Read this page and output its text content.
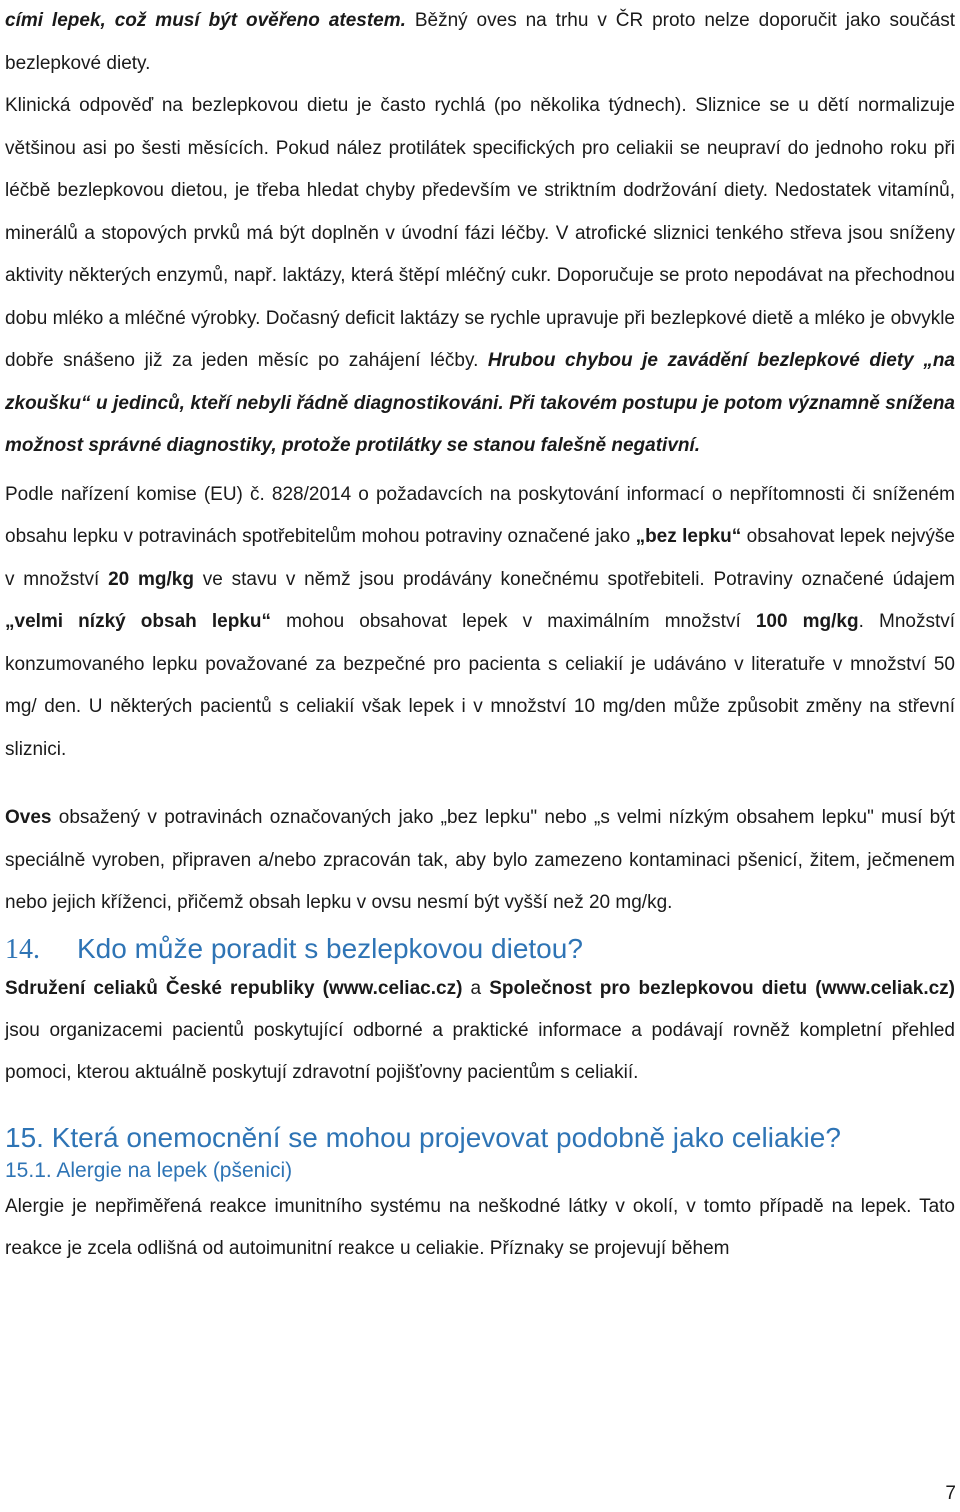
cími lepek, což musí být ověřeno atestem. Běžný oves na trhu v ČR proto nelze doporučit jako součást bezlepkové diety.

Klinická odpověď na bezlepkovou dietu je často rychlá (po několika týdnech). Sliznice se u dětí normalizuje většinou asi po šesti měsících. Pokud nález protilátek specifických pro celiakii se neupraví do jednoho roku při léčbě bezlepkovou dietou, je třeba hledat chyby především ve striktním dodržování diety. Nedostatek vitamínů, minerálů a stopových prvků má být doplněn v úvodní fázi léčby. V atrofické sliznici tenkého střeva jsou sníženy aktivity některých enzymů, např. laktázy, která štěpí mléčný cukr. Doporučuje se proto nepodávat na přechodnou dobu mléko a mléčné výrobky. Dočasný deficit laktázy se rychle upravuje při bezlepkové dietě a mléko je obvykle dobře snášeno již za jeden měsíc po zahájení léčby. Hrubou chybou je zavádění bezlepkové diety „na zkoušku“ u jedinců, kteří nebyli řádně diagnostikováni. Při takovém postupu je potom významně snížena možnost správné diagnostiky, protože protilátky se stanou falešně negativní.

Podle nařízení komise (EU) č. 828/2014 o požadavcích na poskytování informací o nepřítomnosti či sníženém obsahu lepku v potravinách spotřebitelům mohou potraviny označené jako „bez lepku“ obsahovat lepek nejvýše v množství 20 mg/kg ve stavu v němž jsou prodávány konečnému spotřebiteli. Potraviny označené údajem „velmi nízký obsah lepku“ mohou obsahovat lepek v maximálním množství 100 mg/kg. Množství konzumovaného lepku považované za bezpečné pro pacienta s celiakií je udáváno v literatuře v množství 50 mg/ den. U některých pacientů s celiakií však lepek i v množství 10 mg/den může způsobit změny na střevní sliznici.

Oves obsažený v potravinách označovaných jako „bez lepku" nebo „s velmi nízkým obsahem lepku" musí být speciálně vyroben, připraven a/nebo zpracován tak, aby bylo zamezeno kontaminaci pšenicí, žitem, ječmenem nebo jejich kříženci, přičemž obsah lepku v ovsu nesmí být vyšší než 20 mg/kg.

14. Kdo může poradit s bezlepkovou dietou?

Sdružení celiaků České republiky (www.celiac.cz) a Společnost pro bezlepkovou dietu (www.celiak.cz) jsou organizacemi pacientů poskytující odborné a praktické informace a podávají rovněž kompletní přehled pomoci, kterou aktuálně poskytují zdravotní pojišťovny pacientům s celiakií.

15. Která onemocnění se mohou projevovat podobně jako celiakie?
15.1. Alergie na lepek (pšenici)

Alergie je nepřiměřená reakce imunitního systému na neškodné látky v okolí, v tomto případě na lepek. Tato reakce je zcela odlišná od autoimunitní reakce u celiakie. Příznaky se projevují během

7
